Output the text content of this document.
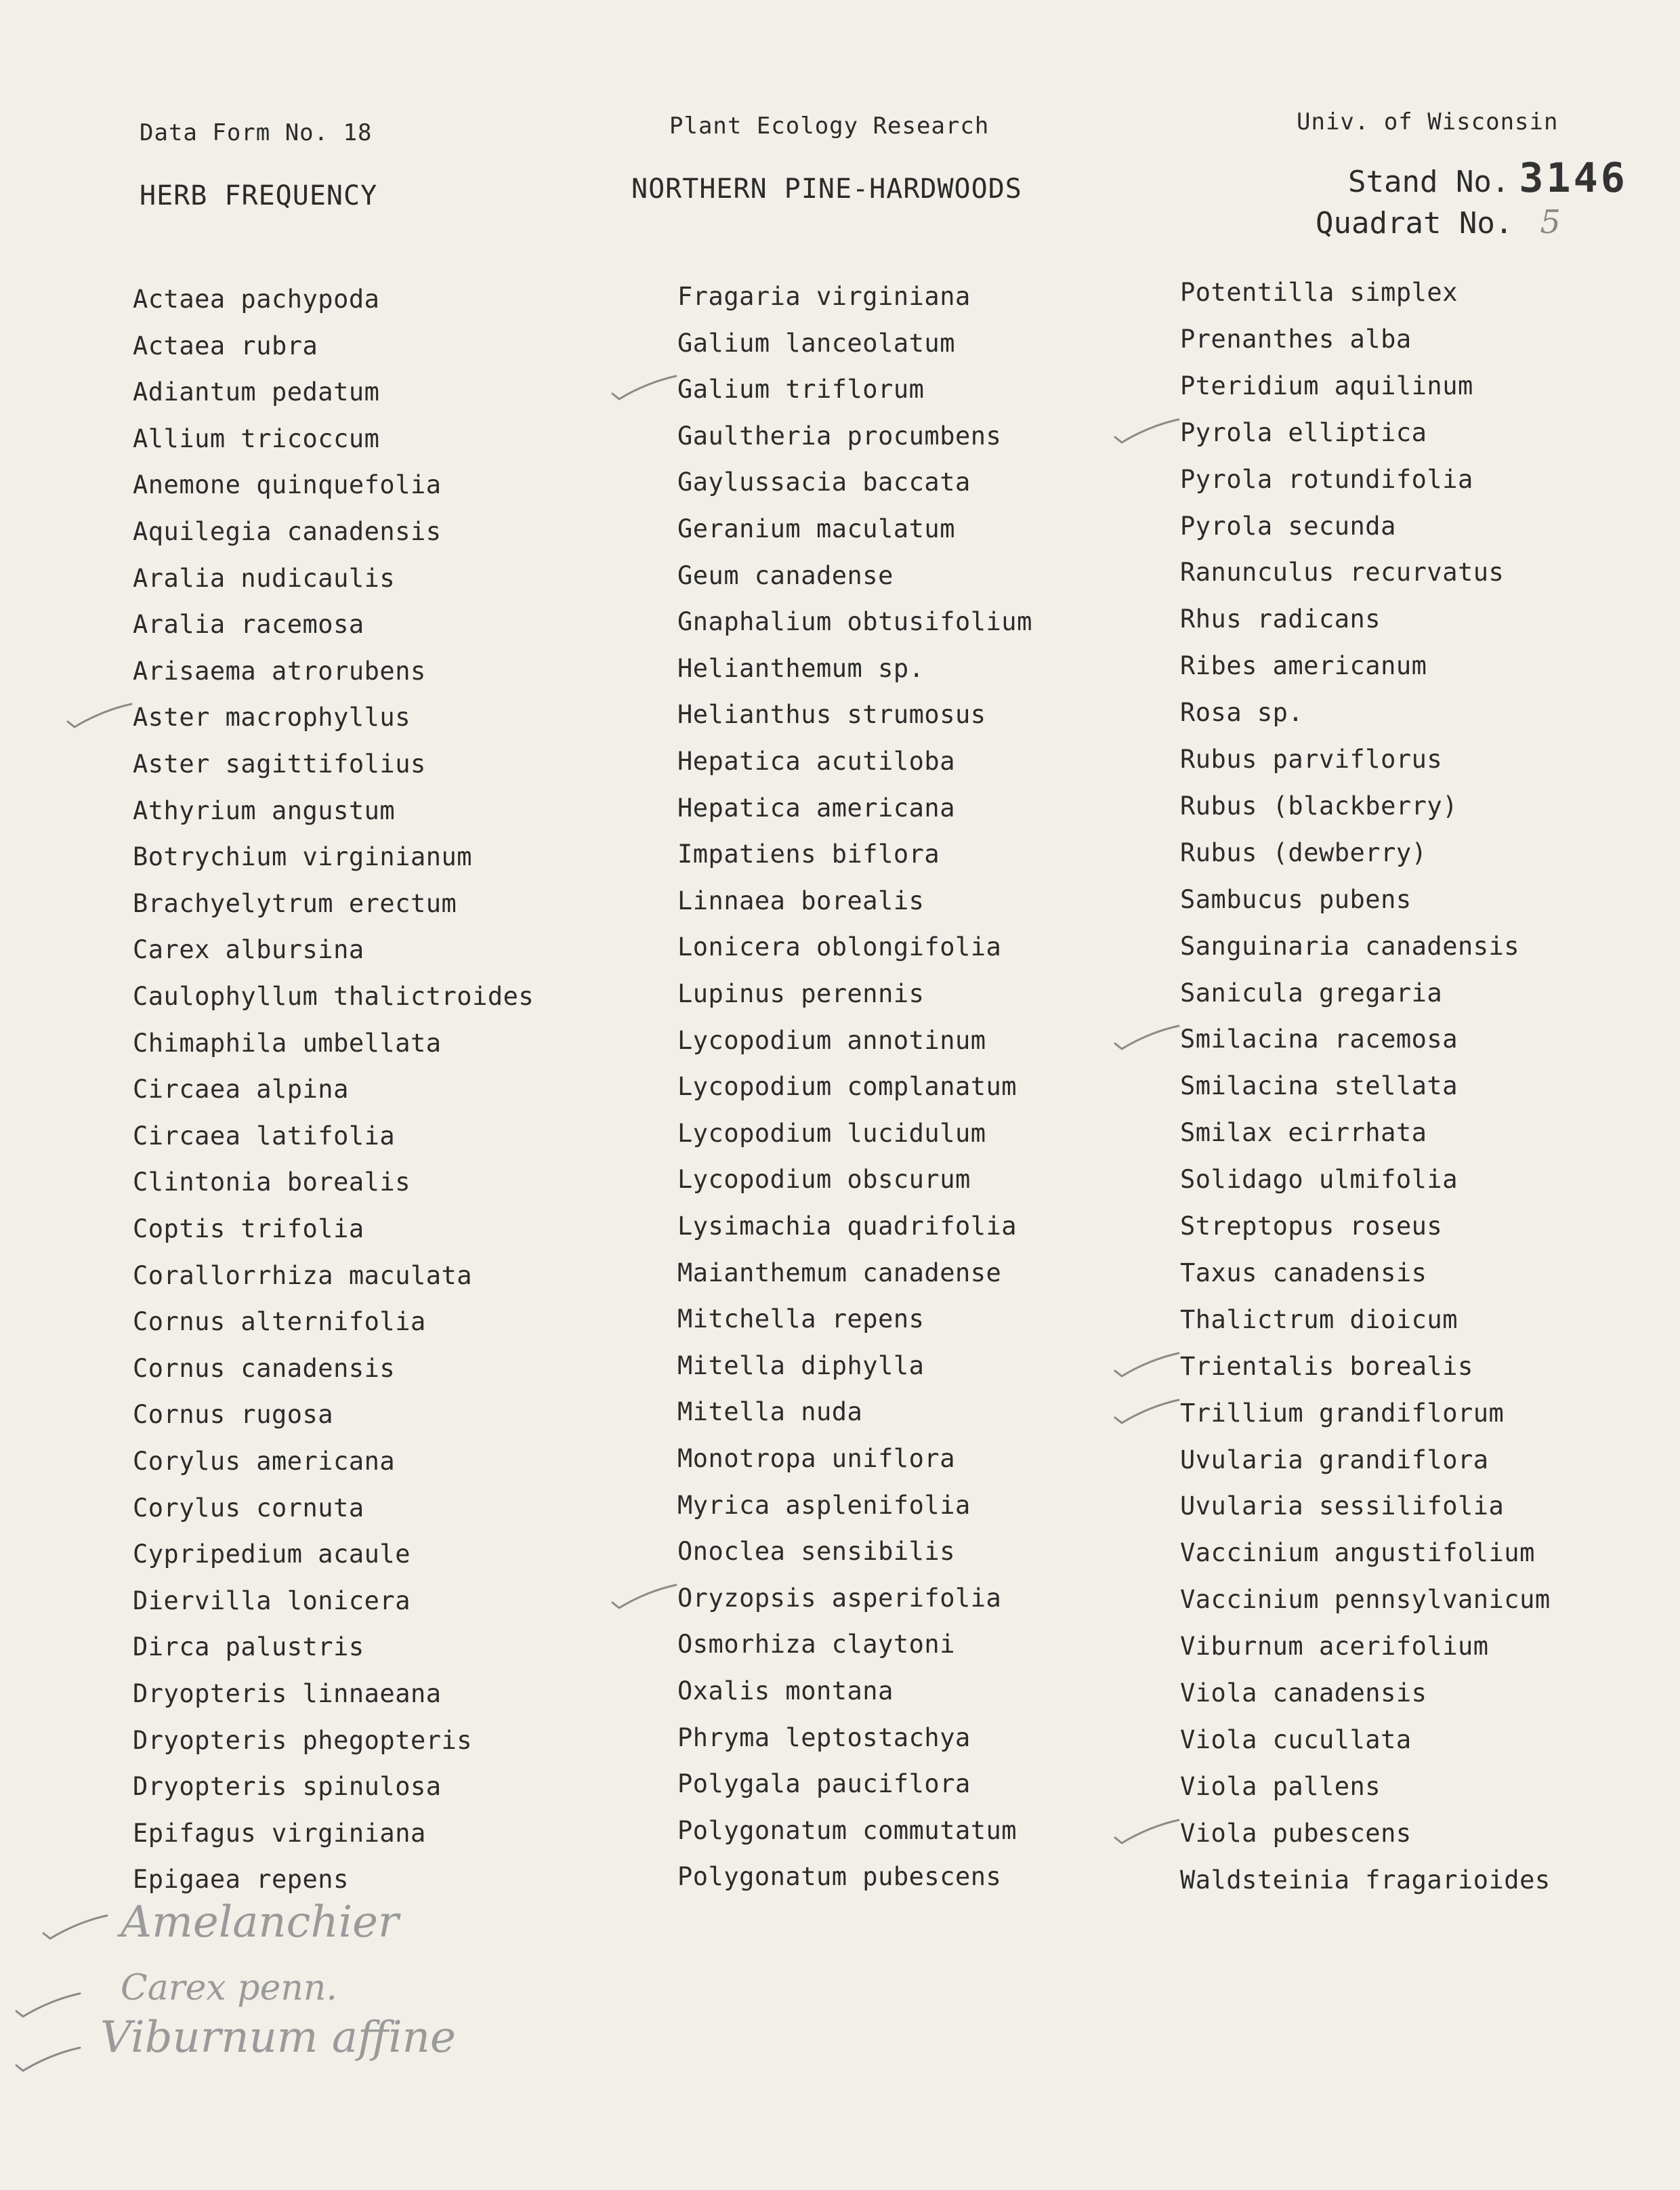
Data Form No. 18
HERB FREQUENCY
Plant Ecology Research
NORTHERN PINE-HARDWOODS
Univ. of Wisconsin
Stand No. 3146
Quadrat No. 5
Actaea pachypoda
Actaea rubra
Adiantum pedatum
Allium tricoccum
Anemone quinquefolia
Aquilegia canadensis
Aralia nudicaulis
Aralia racemosa
Arisaema atrorubens
Aster macrophyllus
Aster sagittifolius
Athyrium angustum
Botrychium virginianum
Brachyelytrum erectum
Carex albursina
Caulophyllum thalictroides
Chimaphila umbellata
Circaea alpina
Circaea latifolia
Clintonia borealis
Coptis trifolia
Corallorrhiza maculata
Cornus alternifolia
Cornus canadensis
Cornus rugosa
Corylus americana
Corylus cornuta
Cypripedium acaule
Diervilla lonicera
Dirca palustris
Dryopteris linnaeana
Dryopteris phegopteris
Dryopteris spinulosa
Epifagus virginiana
Epigaea repens
Fragaria virginiana
Galium lanceolatum
Galium triflorum
Gaultheria procumbens
Gaylussacia baccata
Geranium maculatum
Geum canadense
Gnaphalium obtusifolium
Helianthemum sp.
Helianthus strumosus
Hepatica acutiloba
Hepatica americana
Impatiens biflora
Linnaea borealis
Lonicera oblongifolia
Lupinus perennis
Lycopodium annotinum
Lycopodium complanatum
Lycopodium lucidulum
Lycopodium obscurum
Lysimachia quadrifolia
Maianthemum canadense
Mitchella repens
Mitella diphylla
Mitella nuda
Monotropa uniflora
Myrica asplenifolia
Onoclea sensibilis
Oryzopsis asperifolia
Osmorhiza claytoni
Oxalis montana
Phryma leptostachya
Polygala pauciflora
Polygonatum commutatum
Polygonatum pubescens
Potentilla simplex
Prenanthes alba
Pteridium aquilinum
Pyrola elliptica
Pyrola rotundifolia
Pyrola secunda
Ranunculus recurvatus
Rhus radicans
Ribes americanum
Rosa sp.
Rubus parviflorus
Rubus (blackberry)
Rubus (dewberry)
Sambucus pubens
Sanguinaria canadensis
Sanicula gregaria
Smilacina racemosa
Smilacina stellata
Smilax ecirrhata
Solidago ulmifolia
Streptopus roseus
Taxus canadensis
Thalictrum dioicum
Trientalis borealis
Trillium grandiflorum
Uvularia grandiflora
Uvularia sessilifolia
Vaccinium angustifolium
Vaccinium pennsylvanicum
Viburnum acerifolium
Viola canadensis
Viola cucullata
Viola pallens
Viola pubescens
Waldsteinia fragarioides
Amelanchier
Carex penn.
Viburnum affine
